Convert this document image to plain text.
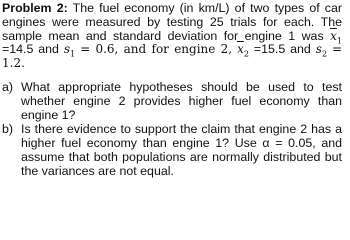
Problem 2: The fuel economy (in km/L) of two types of car engines were measured by testing 25 trials for each. The sample mean and standard deviation for engine 1 was $\overline{x}_1 =14.5$ and $s_1 = 0.6$, and for engine 2, $\overline{x}_2 =15.5$ and $s_2 = 1.2$.

a) What appropriate hypotheses should be used to test whether engine 2 provides higher fuel economy than engine 1?
b) Is there evidence to support the claim that engine 2 has a higher fuel economy than engine 1? Use α = 0.05, and assume that both populations are normally distributed but the variances are not equal.
